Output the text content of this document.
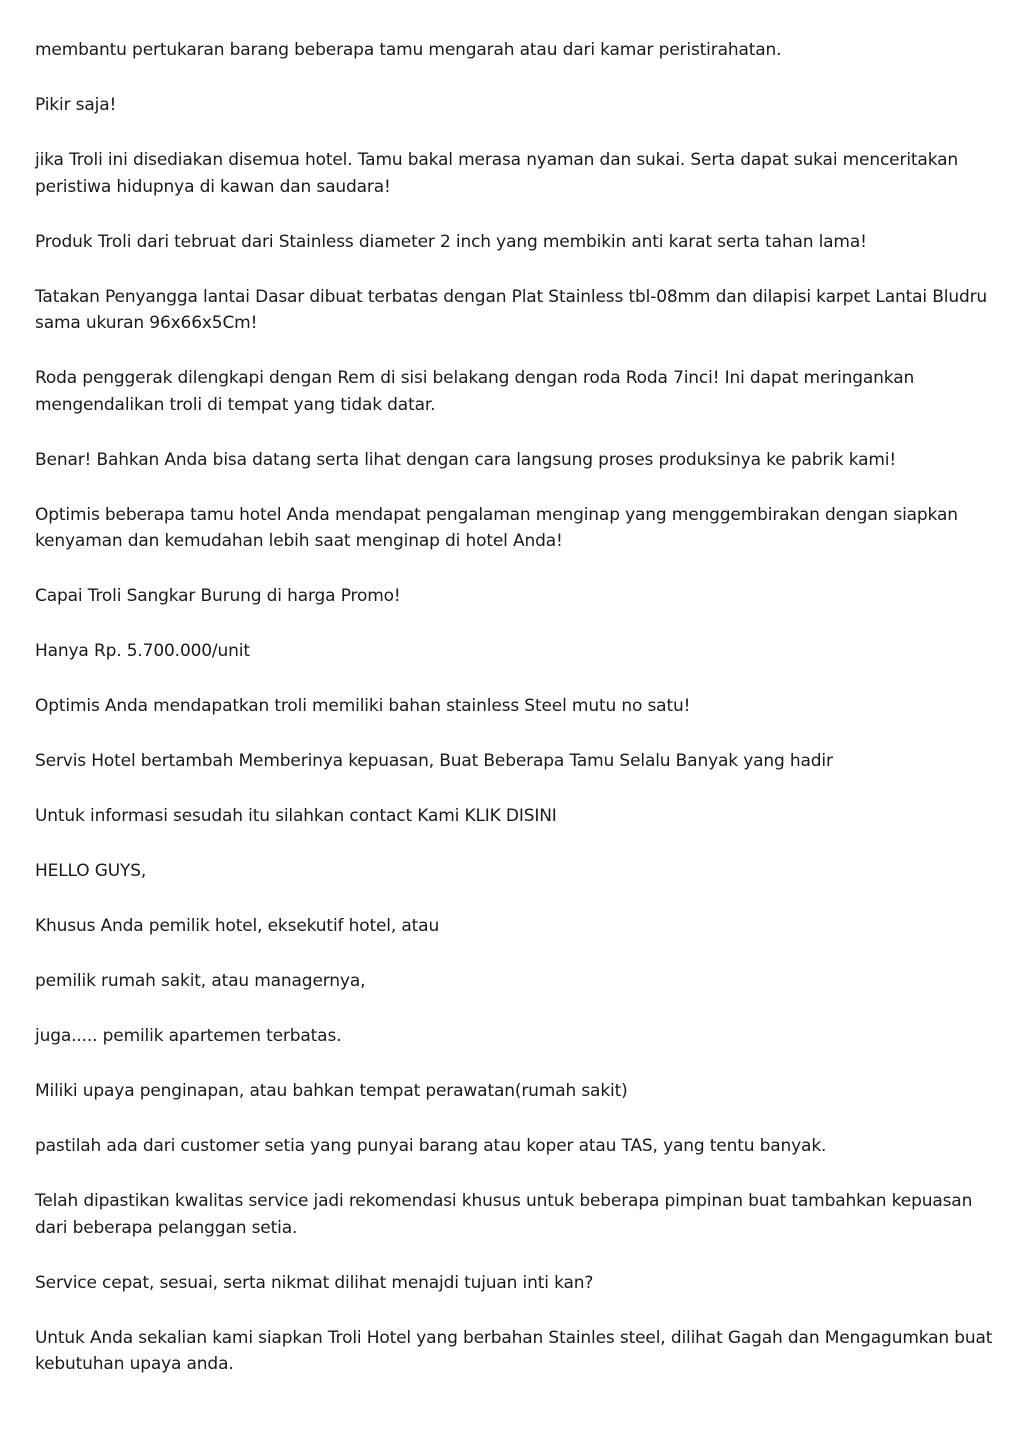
membantu pertukaran barang beberapa tamu mengarah atau dari kamar peristirahatan.

Pikir saja!

jika Troli ini disediakan disemua hotel. Tamu bakal merasa nyaman dan sukai. Serta dapat sukai menceritakan peristiwa hidupnya di kawan dan saudara!

Produk Troli dari tebruat dari Stainless diameter 2 inch yang membikin anti karat serta tahan lama!

Tatakan Penyangga lantai Dasar dibuat terbatas dengan Plat Stainless tbl-08mm dan dilapisi karpet Lantai Bludru sama ukuran 96x66x5Cm!

Roda penggerak dilengkapi dengan Rem di sisi belakang dengan roda Roda 7inci! Ini dapat meringankan mengendalikan troli di tempat yang tidak datar.

Benar! Bahkan Anda bisa datang serta lihat dengan cara langsung proses produksinya ke pabrik kami!

Optimis beberapa tamu hotel Anda mendapat pengalaman menginap yang menggembirakan dengan siapkan kenyaman dan kemudahan lebih saat menginap di hotel Anda!

Capai Troli Sangkar Burung di harga Promo!

Hanya Rp. 5.700.000/unit

Optimis Anda mendapatkan troli memiliki bahan stainless Steel mutu no satu!

Servis Hotel bertambah Memberinya kepuasan, Buat Beberapa Tamu Selalu Banyak yang hadir

Untuk informasi sesudah itu silahkan contact Kami KLIK DISINI

HELLO GUYS,

Khusus Anda pemilik hotel, eksekutif hotel, atau

pemilik rumah sakit, atau managernya,

juga..... pemilik apartemen terbatas.

Miliki upaya penginapan, atau bahkan tempat perawatan(rumah sakit)

pastilah ada dari customer setia yang punyai barang atau koper atau TAS, yang tentu banyak.

Telah dipastikan kwalitas service jadi rekomendasi khusus untuk beberapa pimpinan buat tambahkan kepuasan dari beberapa pelanggan setia.

Service cepat, sesuai, serta nikmat dilihat menajdi tujuan inti kan?

Untuk Anda sekalian kami siapkan Troli Hotel yang berbahan Stainles steel, dilihat Gagah dan Mengagumkan buat kebutuhan upaya anda.
